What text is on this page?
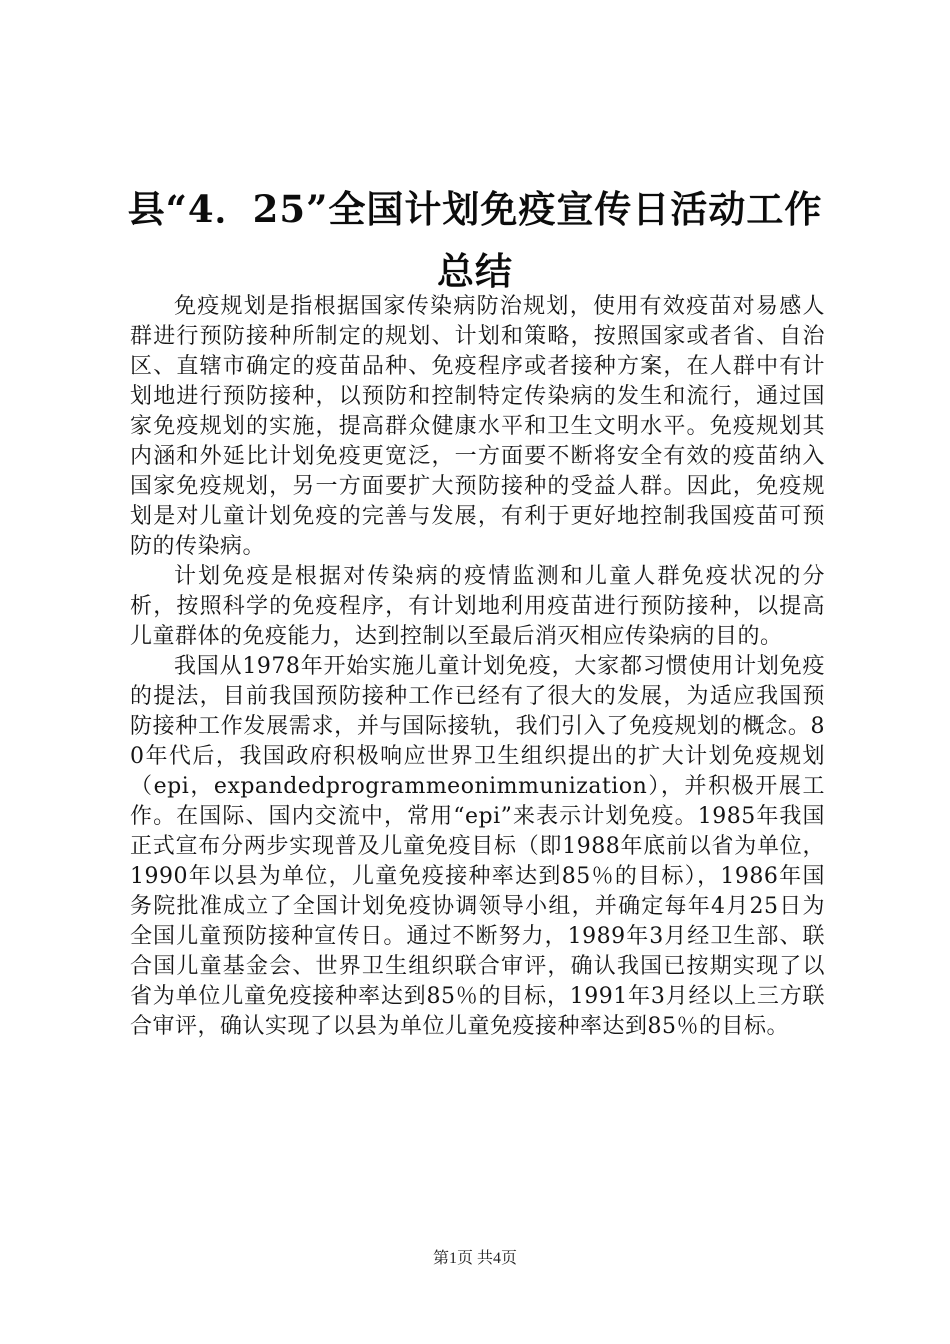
县“4．25”全国计划免疫宣传日活动工作总结

免疫规划是指根据国家传染病防治规划，使用有效疫苗对易感人群进行预防接种所制定的规划、计划和策略，按照国家或者省、自治区、直辖市确定的疫苗品种、免疫程序或者接种方案，在人群中有计划地进行预防接种，以预防和控制特定传染病的发生和流行，通过国家免疫规划的实施，提高群众健康水平和卫生文明水平。免疫规划其内涵和外延比计划免疫更宽泛，一方面要不断将安全有效的疫苗纳入国家免疫规划，另一方面要扩大预防接种的受益人群。因此，免疫规划是对儿童计划免疫的完善与发展，有利于更好地控制我国疫苗可预防的传染病。

计划免疫是根据对传染病的疫情监测和儿童人群免疫状况的分析，按照科学的免疫程序，有计划地利用疫苗进行预防接种，以提高儿童群体的免疫能力，达到控制以至最后消灭相应传染病的目的。

我国从1978年开始实施儿童计划免疫，大家都习惯使用计划免疫的提法，目前我国预防接种工作已经有了很大的发展，为适应我国预防接种工作发展需求，并与国际接轨，我们引入了免疫规划的概念。80年代后，我国政府积极响应世界卫生组织提出的扩大计划免疫规划（epi，expandedprogrammeonimmunization），并积极开展工作。在国际、国内交流中，常用“epi”来表示计划免疫。1985年我国正式宣布分两步实现普及儿童免疫目标（即1988年底前以省为单位，1990年以县为单位，儿童免疫接种率达到85％的目标），1986年国务院批准成立了全国计划免疫协调领导小组，并确定每年4月25日为全国儿童预防接种宣传日。通过不断努力，1989年3月经卫生部、联合国儿童基金会、世界卫生组织联合审评，确认我国已按期实现了以省为单位儿童免疫接种率达到85％的目标，1991年3月经以上三方联合审评，确认实现了以县为单位儿童免疫接种率达到85％的目标。

第1页 共4页
